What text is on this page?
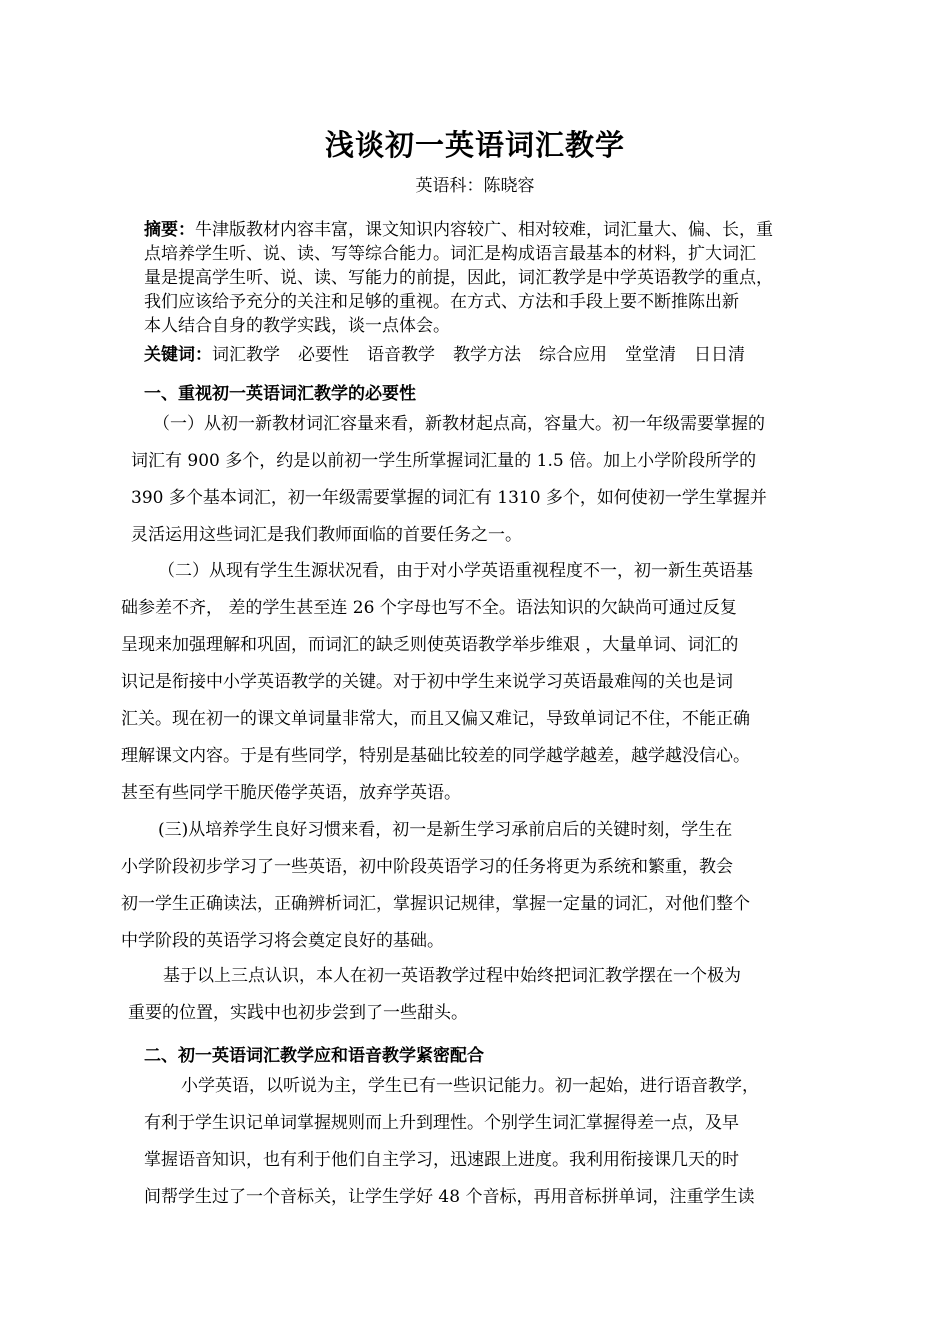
浅谈初一英语词汇教学
英语科：陈晓容
摘要：牛津版教材内容丰富，课文知识内容较广、相对较难，词汇量大、偏、长，重
点培养学生听、说、读、写等综合能力。词汇是构成语言最基本的材料，扩大词汇
量是提高学生听、说、读、写能力的前提，因此，词汇教学是中学英语教学的重点，
我们应该给予充分的关注和足够的重视。在方式、方法和手段上要不断推陈出新
本人结合自身的教学实践，谈一点体会。
关键词：词汇教学 必要性 语音教学 教学方法 综合应用 堂堂清 日日清
一、重视初一英语词汇教学的必要性
（一）从初一新教材词汇容量来看，新教材起点高，容量大。初一年级需要掌握的
词汇有 900 多个，约是以前初一学生所掌握词汇量的 1.5 倍。加上小学阶段所学的
390 多个基本词汇，初一年级需要掌握的词汇有 1310 多个，如何使初一学生掌握并
灵活运用这些词汇是我们教师面临的首要任务之一。
（二）从现有学生生源状况看，由于对小学英语重视程度不一，初一新生英语基
础参差不齐， 差的学生甚至连 26 个字母也写不全。语法知识的欠缺尚可通过反复
呈现来加强理解和巩固，而词汇的缺乏则使英语教学举步维艰 ，大量单词、词汇的
识记是衔接中小学英语教学的关键。对于初中学生来说学习英语最难闯的关也是词
汇关。现在初一的课文单词量非常大，而且又偏又难记，导致单词记不住，不能正确
理解课文内容。于是有些同学，特别是基础比较差的同学越学越差，越学越没信心。
甚至有些同学干脆厌倦学英语，放弃学英语。
(三)从培养学生良好习惯来看，初一是新生学习承前启后的关键时刻，学生在
小学阶段初步学习了一些英语，初中阶段英语学习的任务将更为系统和繁重，教会
初一学生正确读法，正确辨析词汇，掌握识记规律，掌握一定量的词汇，对他们整个
中学阶段的英语学习将会奠定良好的基础。
基于以上三点认识，本人在初一英语教学过程中始终把词汇教学摆在一个极为
重要的位置，实践中也初步尝到了一些甜头。
二、初一英语词汇教学应和语音教学紧密配合
小学英语，以听说为主，学生已有一些识记能力。初一起始，进行语音教学，
有利于学生识记单词掌握规则而上升到理性。个别学生词汇掌握得差一点，及早
掌握语音知识，也有利于他们自主学习，迅速跟上进度。我利用衔接课几天的时
间帮学生过了一个音标关，让学生学好 48 个音标，再用音标拼单词，注重学生读
